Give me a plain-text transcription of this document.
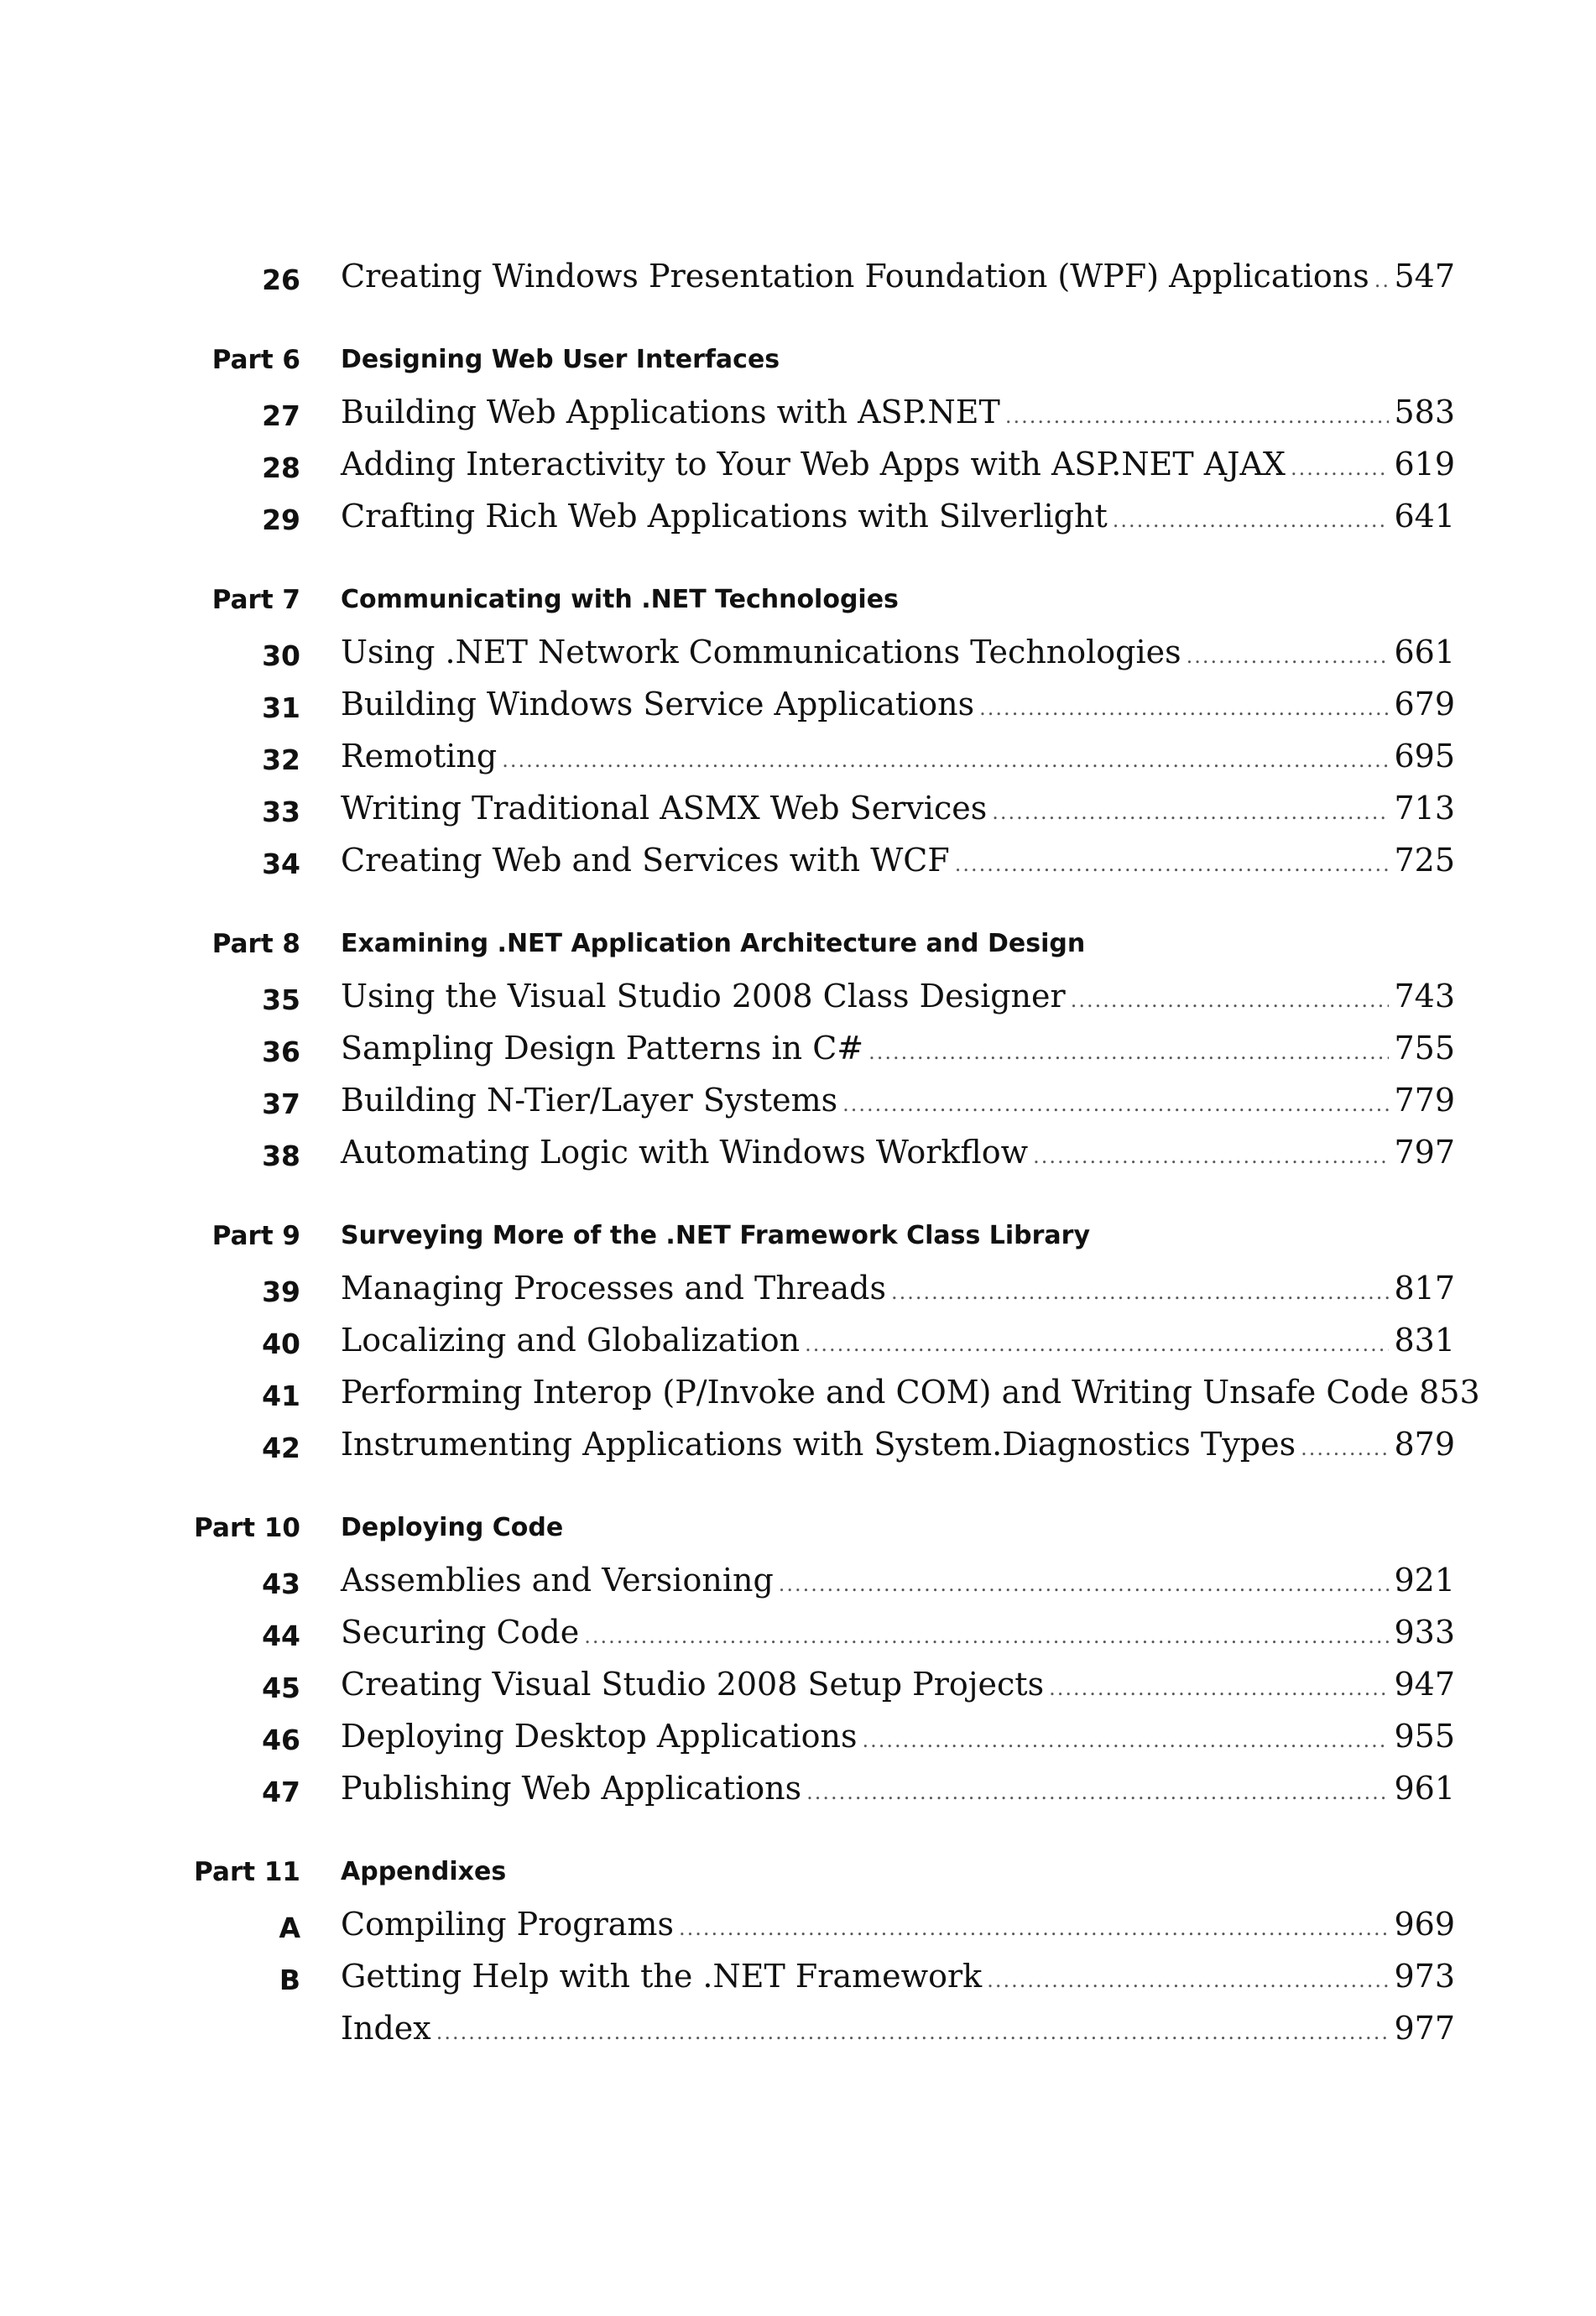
26 Creating Windows Presentation Foundation (WPF) Applications ..... 547
Part 6 Designing Web User Interfaces
27 Building Web Applications with ASP.NET .....	583
28 Adding Interactivity to Your Web Apps with ASP.NET AJAX .....	619
29 Crafting Rich Web Applications with Silverlight .....	641
Part 7 Communicating with .NET Technologies
30 Using .NET Network Communications Technologies .....	661
31 Building Windows Service Applications .....	679
32 Remoting .....	695
33 Writing Traditional ASMX Web Services .....	713
34 Creating Web and Services with WCF .....	725
Part 8 Examining .NET Application Architecture and Design
35 Using the Visual Studio 2008 Class Designer .....	743
36 Sampling Design Patterns in C# .....	755
37 Building N-Tier/Layer Systems .....	779
38 Automating Logic with Windows Workflow .....	797
Part 9 Surveying More of the .NET Framework Class Library
39 Managing Processes and Threads .....	817
40 Localizing and Globalization .....	831
41 Performing Interop (P/Invoke and COM) and Writing Unsafe Code 853
42 Instrumenting Applications with System.Diagnostics Types .....	879
Part 10 Deploying Code
43 Assemblies and Versioning .....	921
44 Securing Code .....	933
45 Creating Visual Studio 2008 Setup Projects .....	947
46 Deploying Desktop Applications .....	955
47 Publishing Web Applications .....	961
Part 11 Appendixes
A Compiling Programs .....	969
B Getting Help with the .NET Framework .....	973
Index .....	977
